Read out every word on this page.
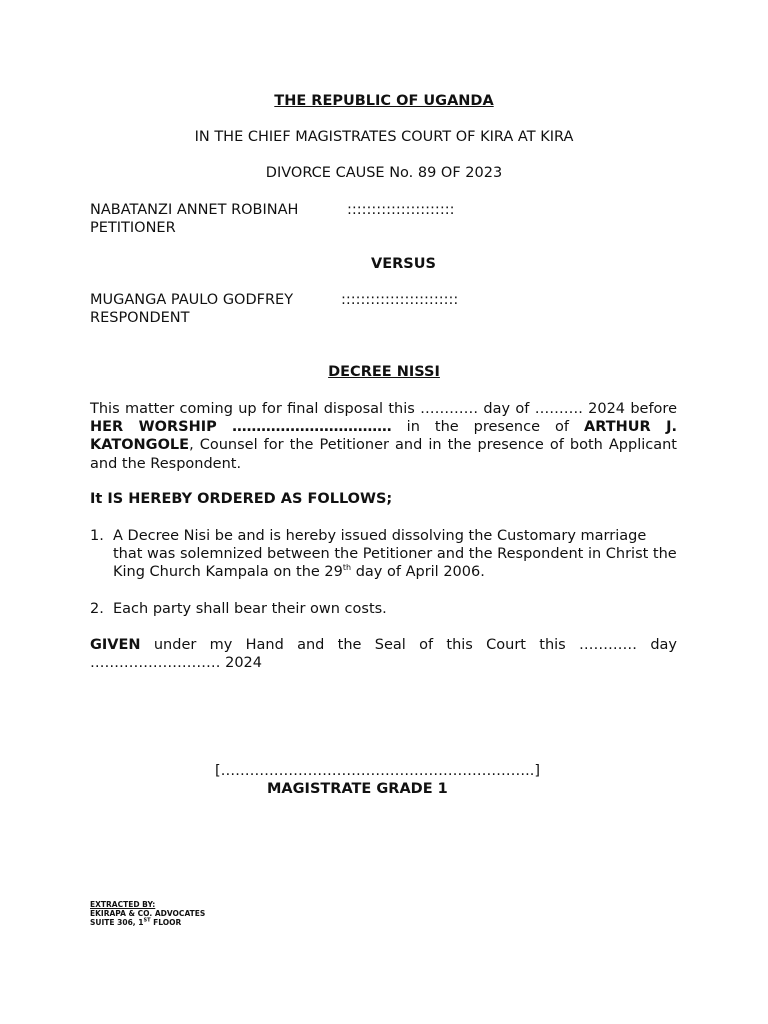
THE REPUBLIC OF UGANDA
IN THE CHIEF MAGISTRATES COURT OF KIRA AT KIRA
DIVORCE CAUSE No. 89 OF 2023
NABATANZI ANNET ROBINAH	::::::::::::::::::::::
PETITIONER
VERSUS
MUGANGA PAULO GODFREY	::::::::::::::::::::::::
RESPONDENT
DECREE NISSI
This matter coming up for final disposal this ………… day of ………. 2024 before HER WORSHIP …………………………… in the presence of ARTHUR J. KATONGOLE, Counsel for the Petitioner and in the presence of both Applicant and the Respondent.
It IS HEREBY ORDERED AS FOLLOWS;
1. A Decree Nisi be and is hereby issued dissolving the Customary marriage that was solemnized between the Petitioner and the Respondent in Christ the King Church Kampala on the 29th day of April 2006.
2. Each party shall bear their own costs.
GIVEN under my Hand and the Seal of this Court this ………… day ……………………… 2024
[………………………………………………………..]
MAGISTRATE GRADE 1
EXTRACTED BY:
EKIRAPA & CO. ADVOCATES
SUITE 306, 1ST FLOOR
